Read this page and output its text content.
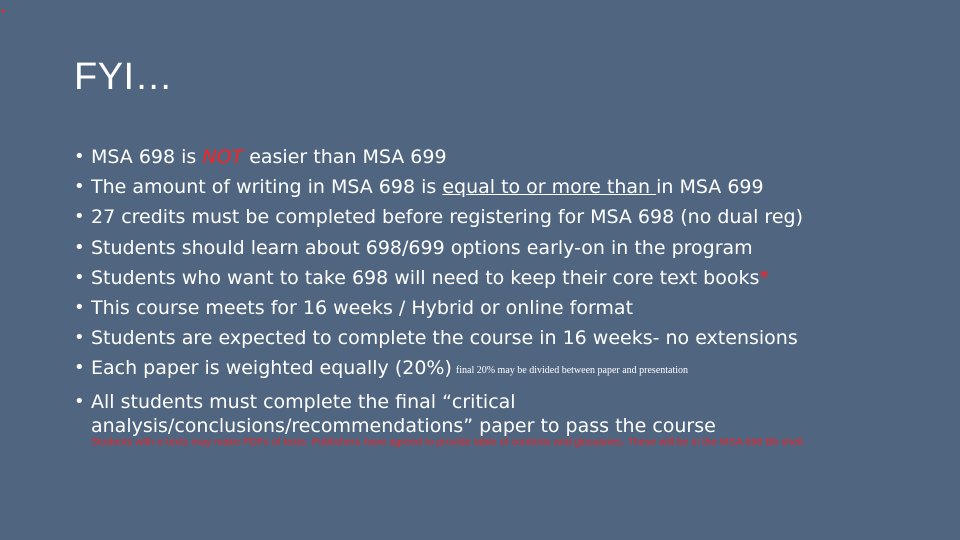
FYI…
• MSA 698 is NOT easier than MSA 699
• The amount of writing in MSA 698 is equal to or more than in MSA 699
• 27 credits must be completed before registering for MSA 698 (no dual reg)
• Students should learn about 698/699 options early-on in the program
• Students who want to take 698 will need to keep their core text books*
• This course meets for 16 weeks / Hybrid or online format
• Students are expected to complete the course in 16 weeks- no extensions
• Each paper is weighted equally (20%) final 20% may be divided between paper and presentation
• All students must complete the final “critical analysis/conclusions/recommendations” paper to pass the course
•
Students with e-texts may make PDFs of texts. Publishers have agreed to provide table of contents and glossaries. These will be in the MSA 698 Bb shell.
